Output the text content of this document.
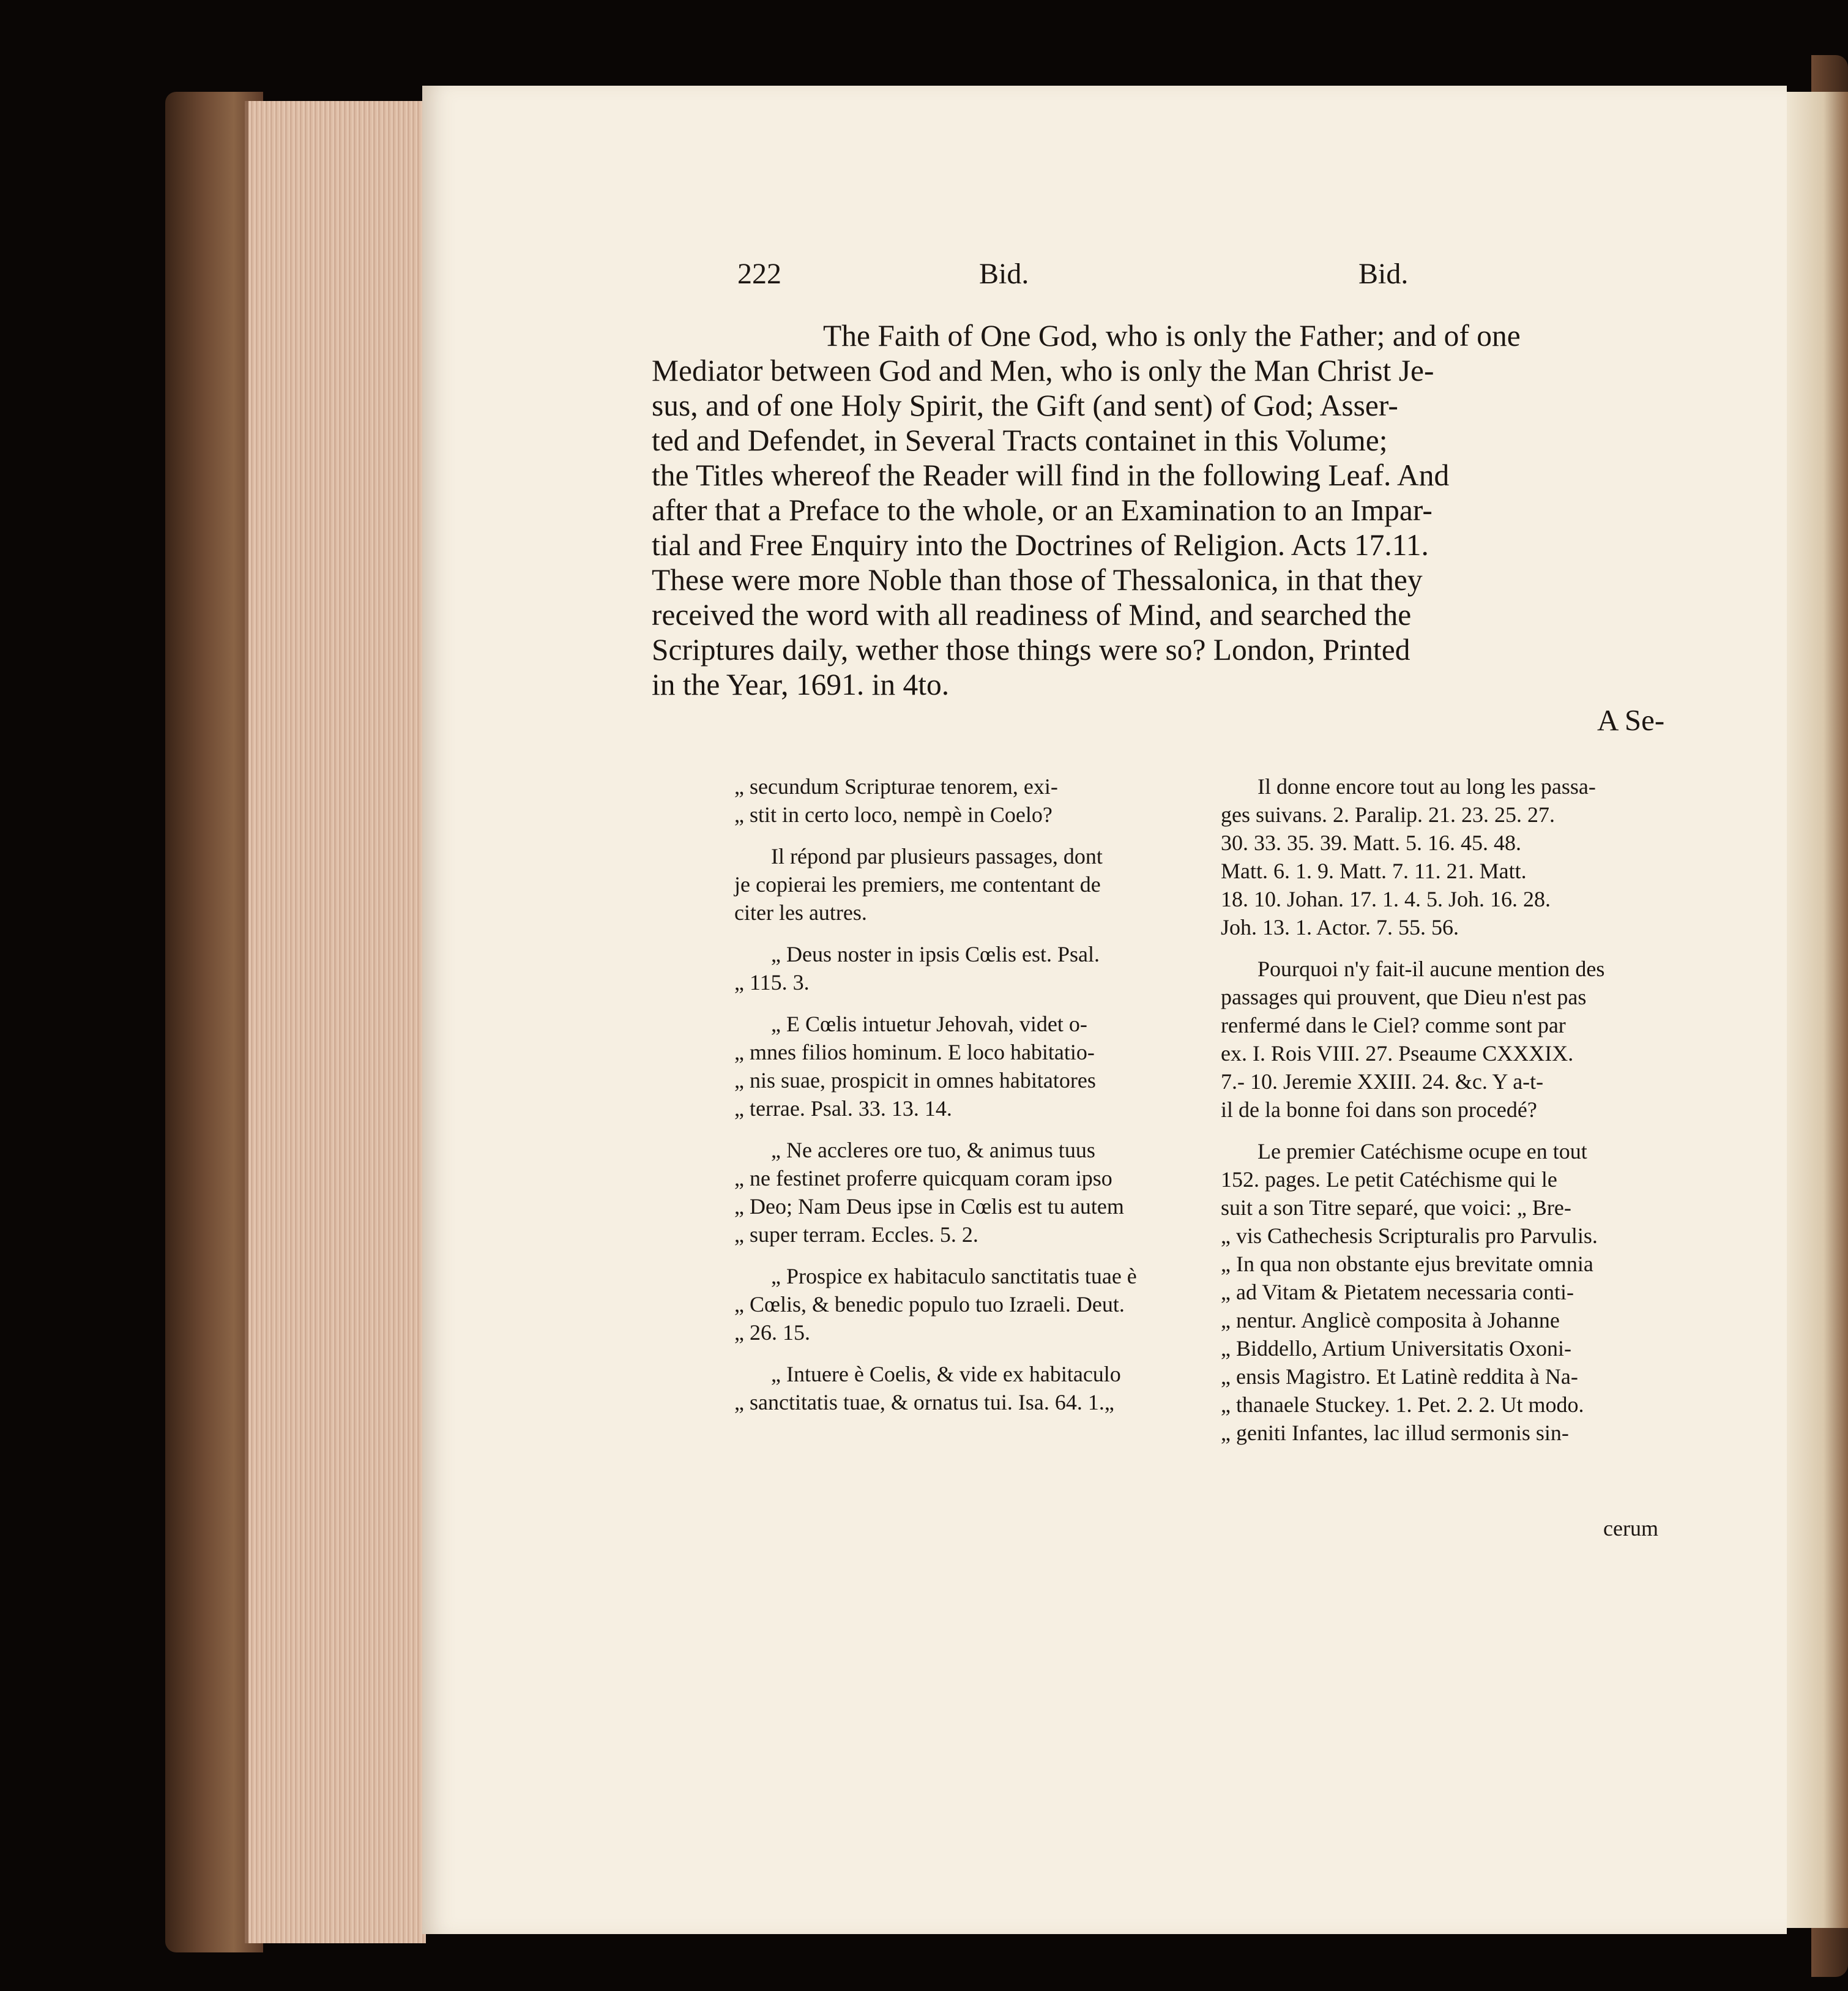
222	Bid.	Bid.
The Faith of One God, who is only the Father; and of one
Mediator between God and Men, who is only the Man Christ Je-
sus, and of one Holy Spirit, the Gift (and sent) of God; Asser-
ted and Defendet, in Several Tracts containet in this Volume;
the Titles whereof the Reader will find in the following Leaf. And
after that a Preface to the whole, or an Examination to an Impar-
tial and Free Enquiry into the Doctrines of Religion. Acts 17.11.
These were more Noble than those of Thessalonica, in that they
received the word with all readiness of Mind, and searched the
Scriptures daily, wether those things were so? London, Printed
in the Year, 1691. in 4to.
A Se-
„ secundum Scripturae tenorem, exi-
„ stit in certo loco, nempè in Coelo?
Il répond par plusieurs passages, dont
je copierai les premiers, me contentant de
citer les autres.
„ Deus noster in ipsis Cœlis est. Psal.
„ 115. 3.
„ E Cœlis intuetur Jehovah, videt o-
„ mnes filios hominum. E loco habitatio-
„ nis suae, prospicit in omnes habitatores
„ terrae. Psal. 33. 13. 14.
„ Ne accleres ore tuo, & animus tuus
„ ne festinet proferre quicquam coram ipso
„ Deo; Nam Deus ipse in Cœlis est tu autem
„ super terram. Eccles. 5. 2.
„ Prospice ex habitaculo sanctitatis tuae è
„ Cœlis, & benedic populo tuo Izraeli. Deut.
„ 26. 15.
„ Intuere è Coelis, & vide ex habitaculo
„ sanctitatis tuae, & ornatus tui. Isa. 64. 1.„
Il donne encore tout au long les passa-
ges suivans. 2. Paralip. 21. 23. 25. 27.
30. 33. 35. 39. Matt. 5. 16. 45. 48.
Matt. 6. 1. 9. Matt. 7. 11. 21. Matt.
18. 10. Johan. 17. 1. 4. 5. Joh. 16. 28.
Joh. 13. 1. Actor. 7. 55. 56.
Pourquoi n'y fait-il aucune mention des
passages qui prouvent, que Dieu n'est pas
renfermé dans le Ciel? comme sont par
ex. I. Rois VIII. 27. Pseaume CXXXIX.
7.- 10. Jeremie XXIII. 24. &c. Y a-t-
il de la bonne foi dans son procedé?
Le premier Catéchisme ocupe en tout
152. pages. Le petit Catéchisme qui le
suit a son Titre separé, que voici: „ Bre-
„ vis Cathechesis Scripturalis pro Parvulis.
„ In qua non obstante ejus brevitate omnia
„ ad Vitam & Pietatem necessaria conti-
„ nentur. Anglicè composita à Johanne
„ Biddello, Artium Universitatis Oxoni-
„ ensis Magistro. Et Latinè reddita à Na-
„ thanaele Stuckey. 1. Pet. 2. 2. Ut modo.
„ geniti Infantes, lac illud sermonis sin-
cerum
